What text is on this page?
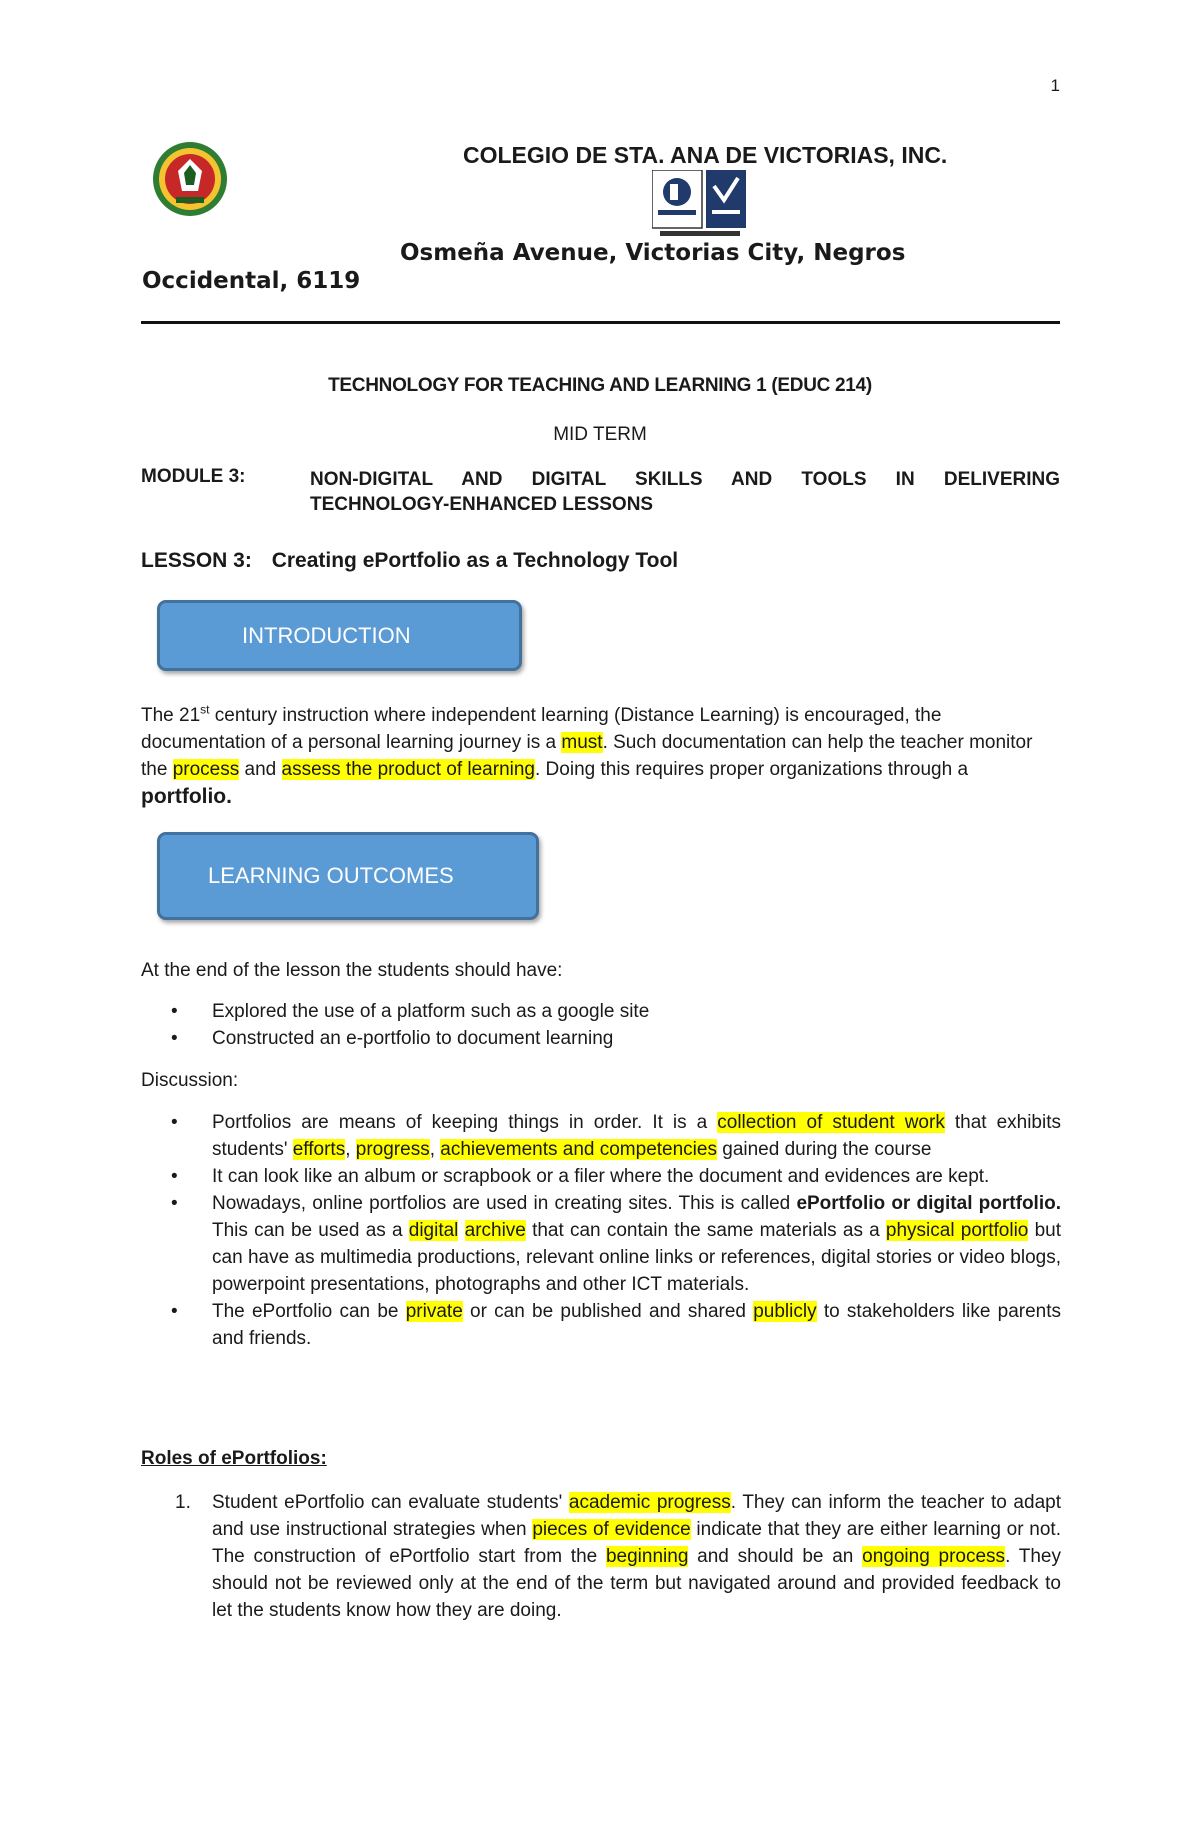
1
COLEGIO DE STA. ANA DE VICTORIAS, INC.
Osmeña Avenue, Victorias City, Negros
Occidental, 6119
TECHNOLOGY FOR TEACHING AND LEARNING 1 (EDUC 214)
MID TERM
MODULE 3:	NON-DIGITAL AND DIGITAL SKILLS AND TOOLS IN DELIVERING
TECHNOLOGY-ENHANCED LESSONS
LESSON 3: Creating ePortfolio as a Technology Tool
INTRODUCTION
The 21st century instruction where independent learning (Distance Learning) is encouraged, the documentation of a personal learning journey is a must. Such documentation can help the teacher monitor the process and assess the product of learning. Doing this requires proper organizations through a portfolio.
LEARNING OUTCOMES
At the end of the lesson the students should have:
• Explored the use of a platform such as a google site
• Constructed an e-portfolio to document learning
Discussion:
• Portfolios are means of keeping things in order. It is a collection of student work that exhibits students' efforts, progress, achievements and competencies gained during the course
• It can look like an album or scrapbook or a filer where the document and evidences are kept.
• Nowadays, online portfolios are used in creating sites. This is called ePortfolio or digital portfolio. This can be used as a digital archive that can contain the same materials as a physical portfolio but can have as multimedia productions, relevant online links or references, digital stories or video blogs, powerpoint presentations, photographs and other ICT materials.
• The ePortfolio can be private or can be published and shared publicly to stakeholders like parents and friends.
Roles of ePortfolios:
1. Student ePortfolio can evaluate students' academic progress. They can inform the teacher to adapt and use instructional strategies when pieces of evidence indicate that they are either learning or not. The construction of ePortfolio start from the beginning and should be an ongoing process. They should not be reviewed only at the end of the term but navigated around and provided feedback to let the students know how they are doing.
